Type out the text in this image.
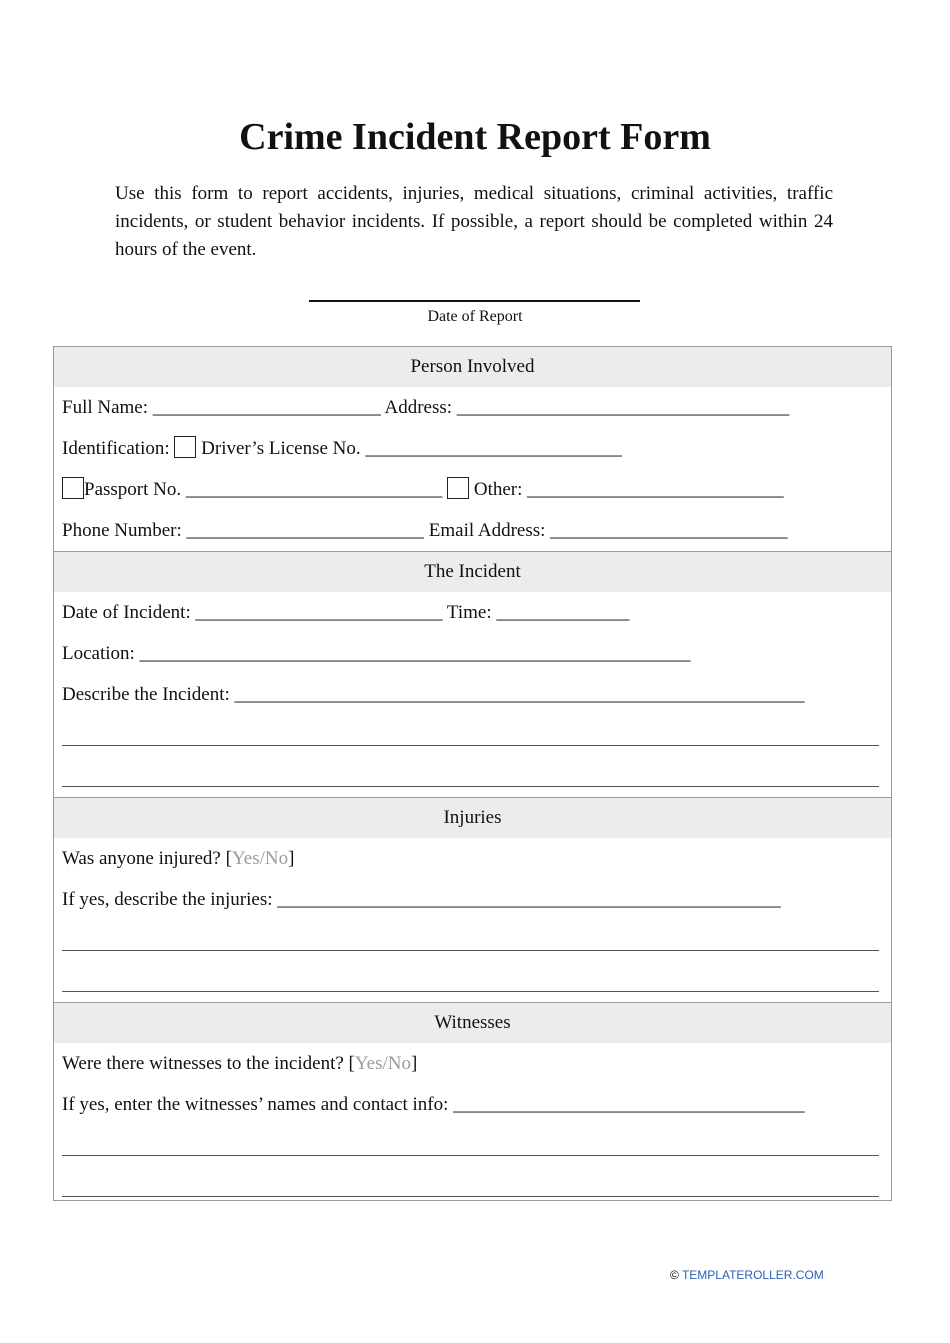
Crime Incident Report Form

Use this form to report accidents, injuries, medical situations, criminal activities, traffic incidents, or student behavior incidents. If possible, a report should be completed within 24 hours of the event.

Date of Report
Person Involved
Full Name: ________________________ Address: ___________________________________
Identification: Driver’s License No. ___________________________
Passport No. ___________________________ Other: ___________________________
Phone Number: _________________________ Email Address: _________________________
The Incident
Date of Incident: __________________________ Time: ______________
Location: __________________________________________________________
Describe the Incident: ____________________________________________________________
Injuries
Was anyone injured? [Yes/No]
If yes, describe the injuries: _____________________________________________________
Witnesses
Were there witnesses to the incident? [Yes/No]
If yes, enter the witnesses’ names and contact info: _____________________________________
© TEMPLATEROLLER.COM
